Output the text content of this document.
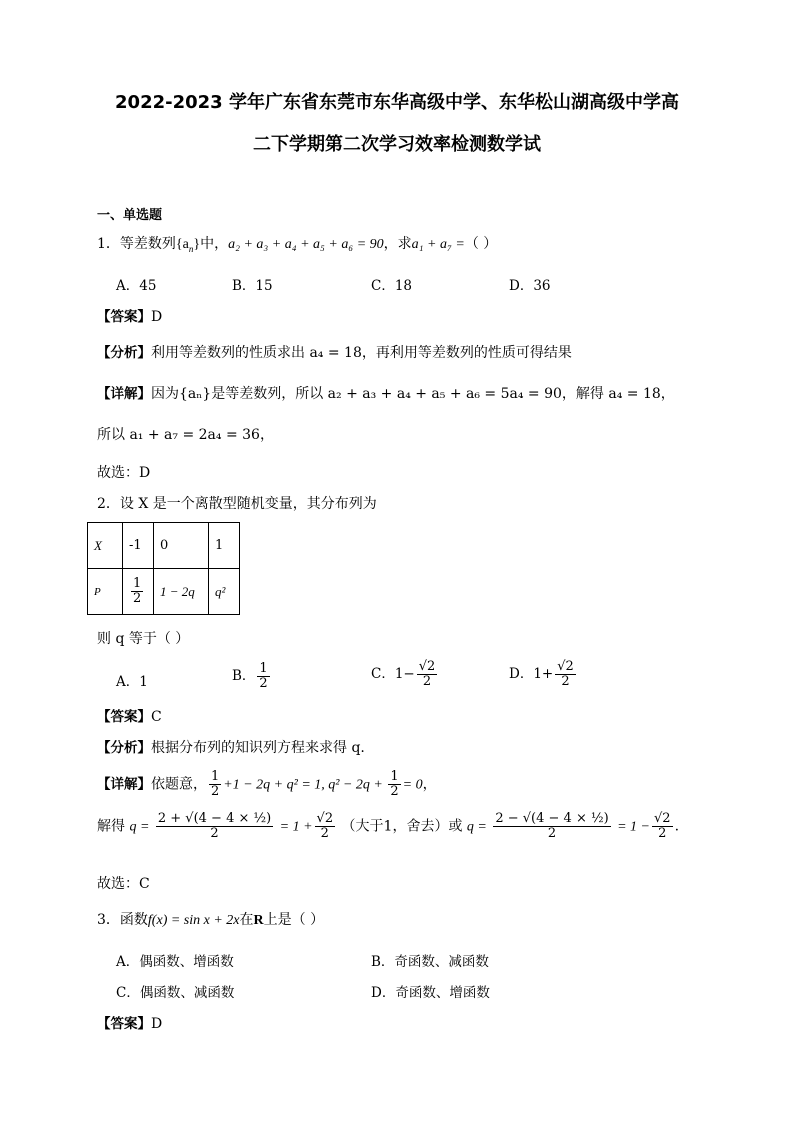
2022-2023 学年广东省东莞市东华高级中学、东华松山湖高级中学高
二下学期第二次学习效率检测数学试
一、单选题
1．等差数列$\{a_n\}$中，a₂ + a₃ + a₄ + a₅ + a₆ = 90，求a₁ + a₇ =（ ）
A．45	B．15	C．18	D．36
【答案】D
【分析】利用等差数列的性质求出 a₄ = 18，再利用等差数列的性质可得结果
【详解】因为{aₙ}是等差数列，所以 a₂ + a₃ + a₄ + a₅ + a₆ = 5a₄ = 90，解得 a₄ = 18，
所以 a₁ + a₇ = 2a₄ = 36，
故选：D
2．设 X 是一个离散型随机变量，其分布列为
X	-1	0	1
P	$\frac{1}{2}$	1 − 2q	q²
则 q 等于（ ）
A．1	B． $\frac{1}{2}$	C．$1- \frac{√2}{2}$	D．$1+ \frac{√2}{2}$
【答案】C
【分析】根据分布列的知识列方程来求得 q.
【详解】依题意， $\frac{1}{2} +1 - 2q + q^2 = 1$, $q^2 - 2q + \frac{1}{2} = 0$，
解得 $q = \frac{\text{2 + √(4 − 4 × ½)}}{2} = 1 + \frac{√2}{2}$ （大于1，舍去）或 $q = \frac{\text{2 − √(4 − 4 × ½)}}{2} = 1 - \frac{√2}{2}$ .
故选：C
3．函数f(x) = sin x + 2x在R上是（ ）
A．偶函数、增函数	B．奇函数、减函数
C．偶函数、减函数	D．奇函数、增函数
【答案】D
